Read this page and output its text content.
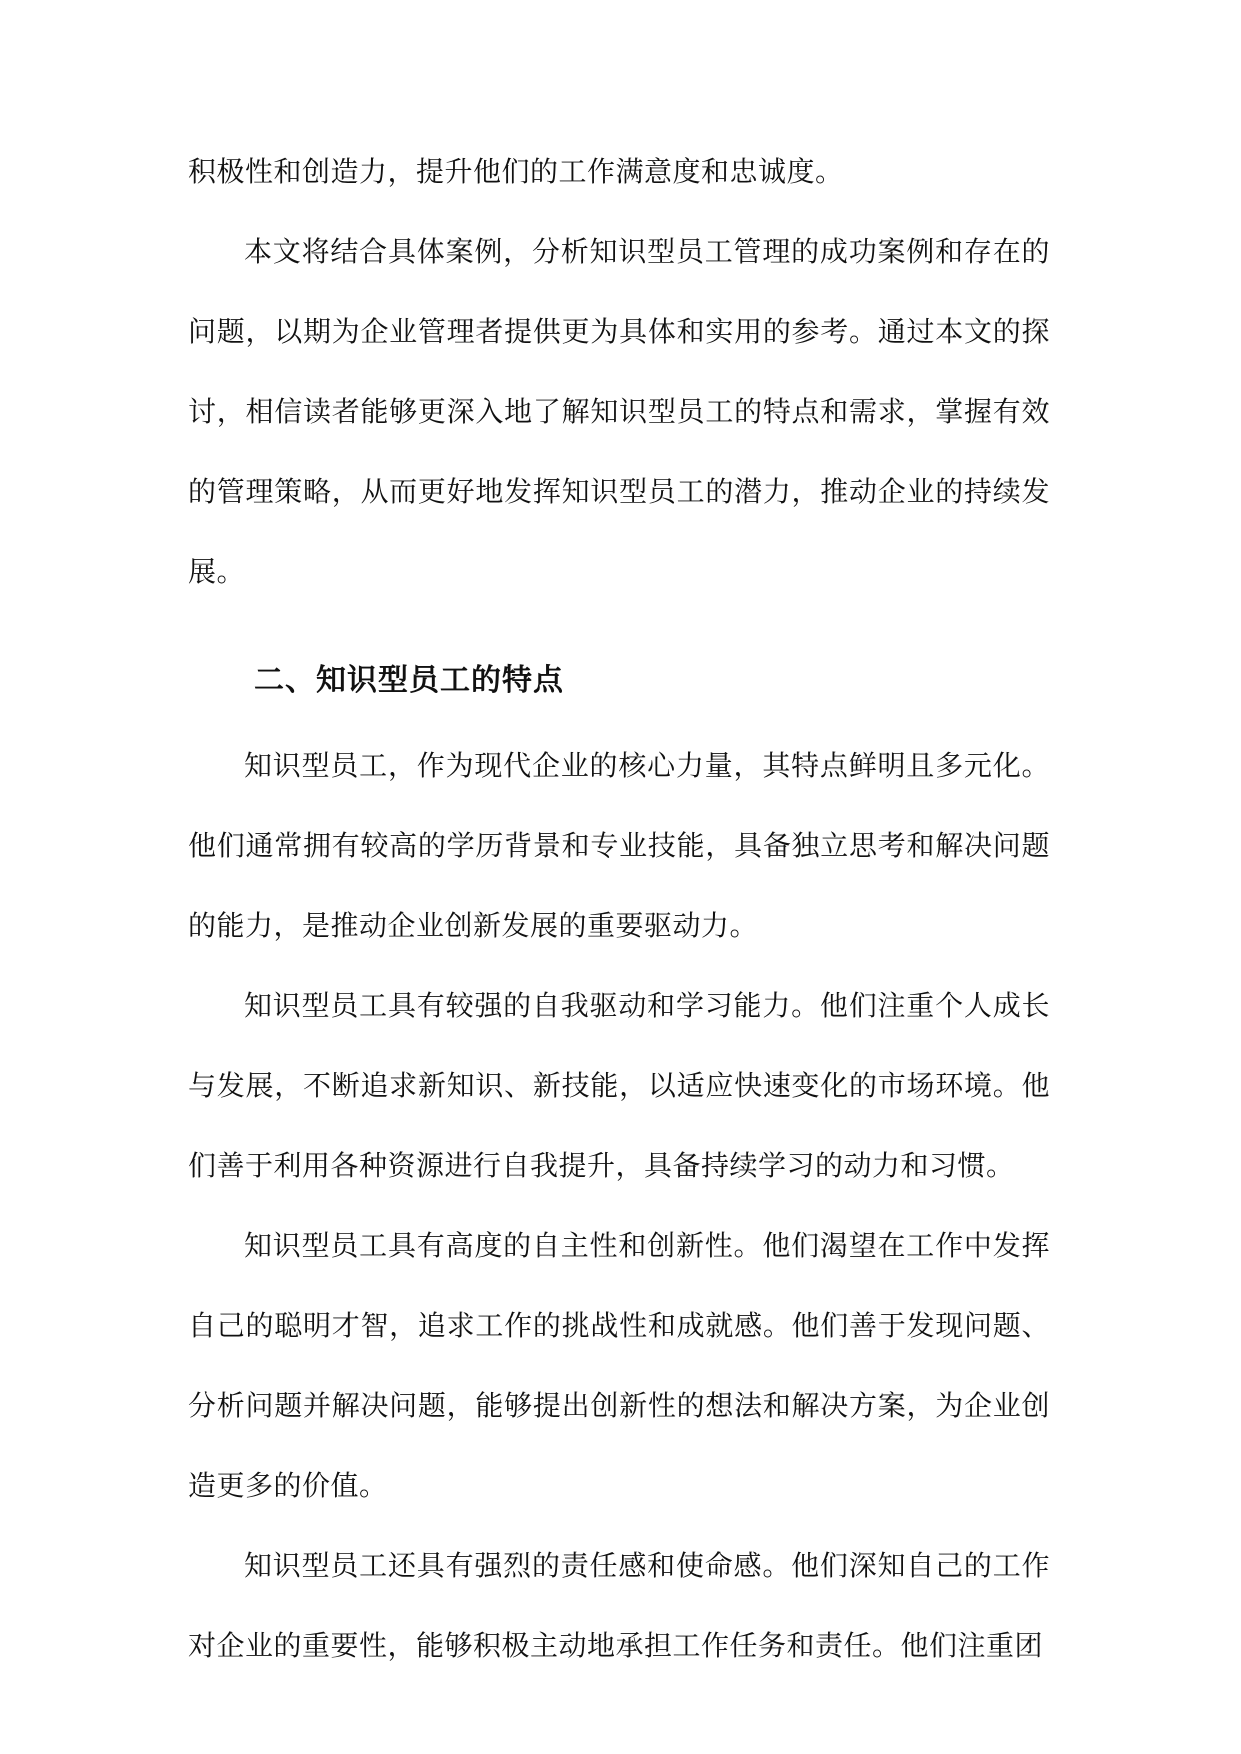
积极性和创造力，提升他们的工作满意度和忠诚度。

本文将结合具体案例，分析知识型员工管理的成功案例和存在的问题，以期为企业管理者提供更为具体和实用的参考。通过本文的探讨，相信读者能够更深入地了解知识型员工的特点和需求，掌握有效的管理策略，从而更好地发挥知识型员工的潜力，推动企业的持续发展。

二、知识型员工的特点

知识型员工，作为现代企业的核心力量，其特点鲜明且多元化。他们通常拥有较高的学历背景和专业技能，具备独立思考和解决问题的能力，是推动企业创新发展的重要驱动力。

知识型员工具有较强的自我驱动和学习能力。他们注重个人成长与发展，不断追求新知识、新技能，以适应快速变化的市场环境。他们善于利用各种资源进行自我提升，具备持续学习的动力和习惯。

知识型员工具有高度的自主性和创新性。他们渴望在工作中发挥自己的聪明才智，追求工作的挑战性和成就感。他们善于发现问题、分析问题并解决问题，能够提出创新性的想法和解决方案，为企业创造更多的价值。

知识型员工还具有强烈的责任感和使命感。他们深知自己的工作对企业的重要性，能够积极主动地承担工作任务和责任。他们注重团
